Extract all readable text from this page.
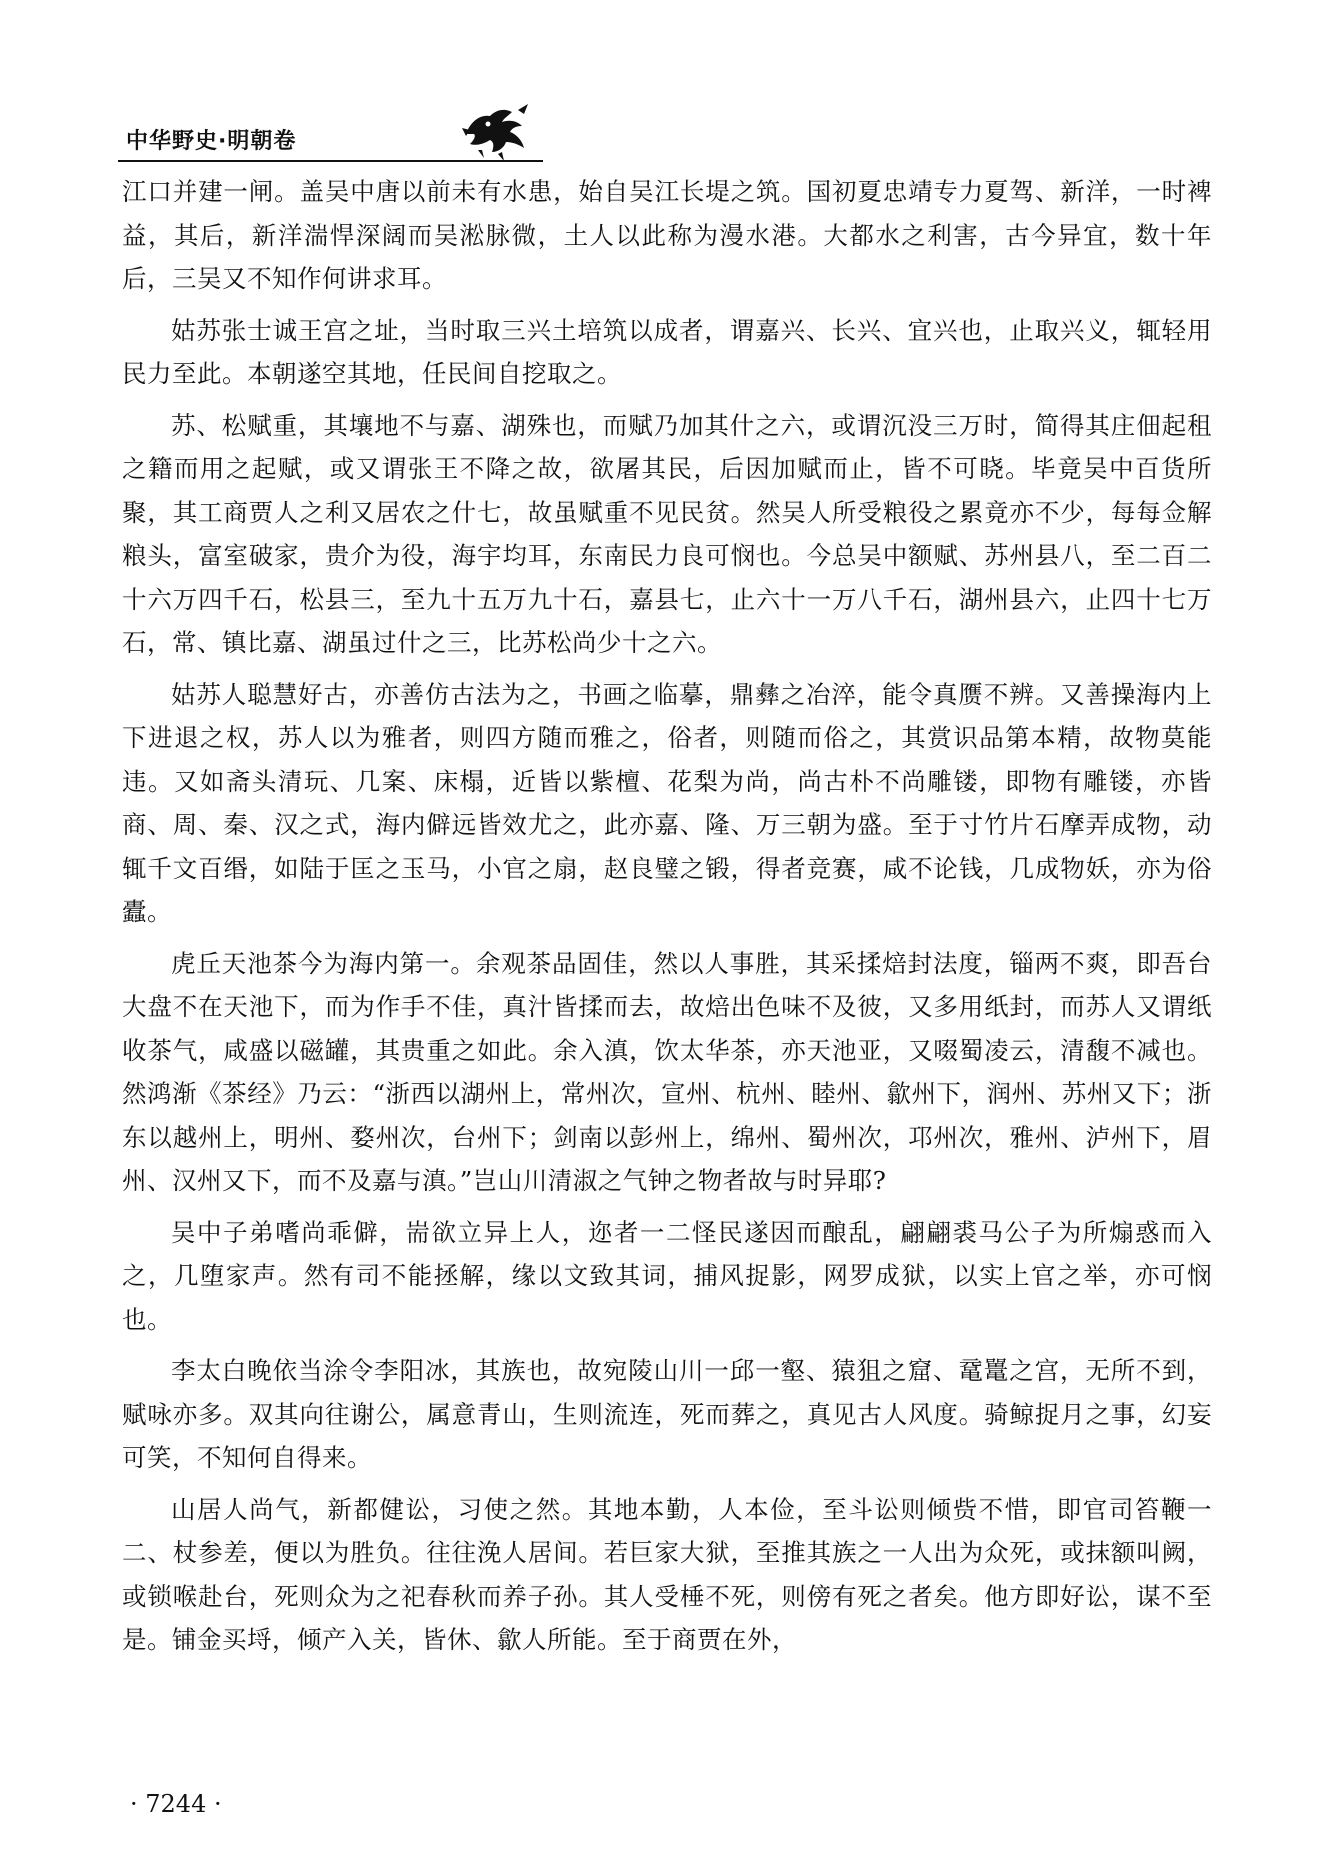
中华野史·明朝卷

江口并建一闸。盖吴中唐以前未有水患，始自吴江长堤之筑。国初夏忠靖专力夏驾、新洋，一时裨益，其后，新洋湍悍深阔而吴淞脉微，土人以此称为漫水港。大都水之利害，古今异宜，数十年后，三吴又不知作何讲求耳。

姑苏张士诚王宫之址，当时取三兴土培筑以成者，谓嘉兴、长兴、宜兴也，止取兴义，辄轻用民力至此。本朝遂空其地，任民间自挖取之。

苏、松赋重，其壤地不与嘉、湖殊也，而赋乃加其什之六，或谓沉没三万时，简得其庄佃起租之籍而用之起赋，或又谓张王不降之故，欲屠其民，后因加赋而止，皆不可晓。毕竟吴中百货所聚，其工商贾人之利又居农之什七，故虽赋重不见民贫。然吴人所受粮役之累竟亦不少，每每佥解粮头，富室破家，贵介为役，海宇均耳，东南民力良可悯也。今总吴中额赋、苏州县八，至二百二十六万四千石，松县三，至九十五万九十石，嘉县七，止六十一万八千石，湖州县六，止四十七万石，常、镇比嘉、湖虽过什之三，比苏松尚少十之六。

姑苏人聪慧好古，亦善仿古法为之，书画之临摹，鼎彝之冶淬，能令真赝不辨。又善操海内上下进退之权，苏人以为雅者，则四方随而雅之，俗者，则随而俗之，其赏识品第本精，故物莫能违。又如斋头清玩、几案、床榻，近皆以紫檀、花梨为尚，尚古朴不尚雕镂，即物有雕镂，亦皆商、周、秦、汉之式，海内僻远皆效尤之，此亦嘉、隆、万三朝为盛。至于寸竹片石摩弄成物，动辄千文百缗，如陆于匡之玉马，小官之扇，赵良璧之锻，得者竞赛，咸不论钱，几成物妖，亦为俗蠹。

虎丘天池茶今为海内第一。余观茶品固佳，然以人事胜，其采揉焙封法度，锱两不爽，即吾台大盘不在天池下，而为作手不佳，真汁皆揉而去，故焙出色味不及彼，又多用纸封，而苏人又谓纸收茶气，咸盛以磁罐，其贵重之如此。余入滇，饮太华茶，亦天池亚，又啜蜀凌云，清馥不减也。然鸿渐《茶经》乃云：“浙西以湖州上，常州次，宣州、杭州、睦州、歙州下，润州、苏州又下；浙东以越州上，明州、婺州次，台州下；剑南以彭州上，绵州、蜀州次，邛州次，雅州、泸州下，眉州、汉州又下，而不及嘉与滇。”岂山川清淑之气钟之物者故与时异耶?

吴中子弟嗜尚乖僻，耑欲立异上人，迩者一二怪民遂因而酿乱，翩翩裘马公子为所煽惑而入之，几堕家声。然有司不能拯解，缘以文致其词，捕风捉影，网罗成狱，以实上官之举，亦可悯也。

李太白晚依当涂令李阳冰，其族也，故宛陵山川一邱一壑、猿狙之窟、鼋鼍之宫，无所不到，赋咏亦多。双其向往谢公，属意青山，生则流连，死而葬之，真见古人风度。骑鲸捉月之事，幻妄可笑，不知何自得来。

山居人尚气，新都健讼，习使之然。其地本勤，人本俭，至斗讼则倾赀不惜，即官司笞鞭一二、杖参差，便以为胜负。往往浼人居间。若巨家大狱，至推其族之一人出为众死，或抹额叫阙，或锁喉赴台，死则众为之祀春秋而养子孙。其人受棰不死，则傍有死之者矣。他方即好讼，谋不至是。铺金买埒，倾产入关，皆休、歙人所能。至于商贾在外，

· 7244 ·
